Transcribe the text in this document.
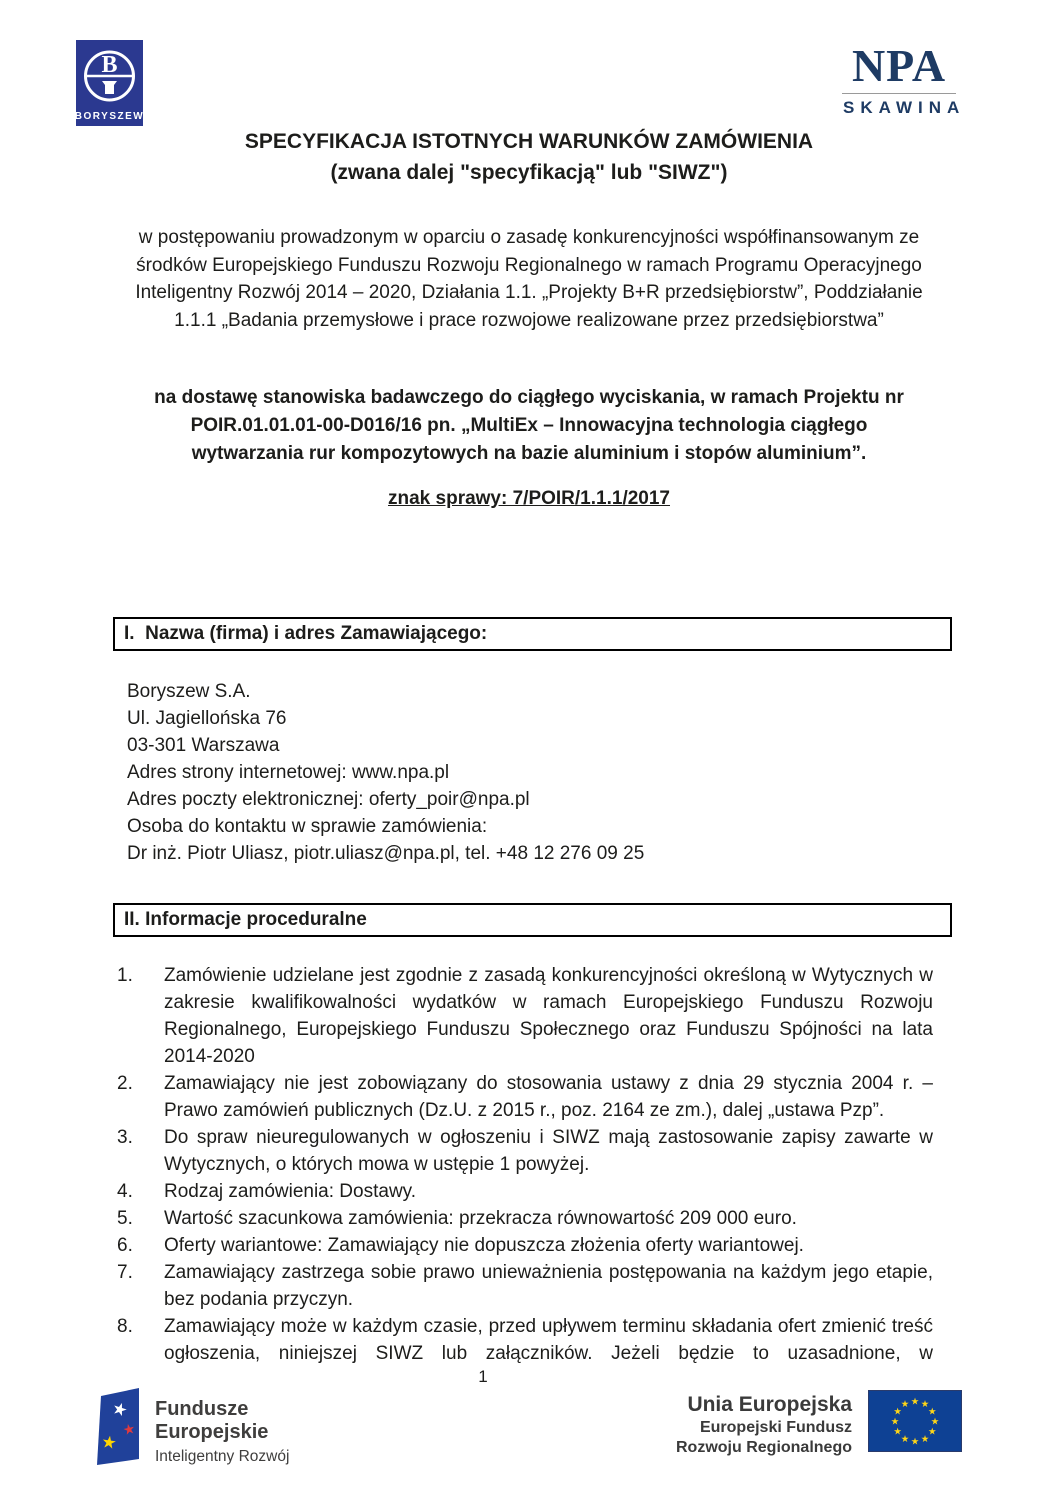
B
BORYSZEW
NPA
SKAWINA
SPECYFIKACJA ISTOTNYCH WARUNKÓW ZAMÓWIENIA
(zwana dalej "specyfikacją" lub "SIWZ")
w postępowaniu prowadzonym w oparciu o zasadę konkurencyjności współfinansowanym ze środków Europejskiego Funduszu Rozwoju Regionalnego w ramach Programu Operacyjnego Inteligentny Rozwój 2014 – 2020, Działania 1.1. „Projekty B+R przedsiębiorstw”, Poddziałanie 1.1.1 „Badania przemysłowe i prace rozwojowe realizowane przez przedsiębiorstwa”
na dostawę stanowiska badawczego do ciągłego wyciskania, w ramach Projektu nr POIR.01.01.01-00-D016/16 pn. „MultiEx – Innowacyjna technologia ciągłego wytwarzania rur kompozytowych na bazie aluminium i stopów aluminium”.
znak sprawy: 7/POIR/1.1.1/2017
I.  Nazwa (firma) i adres Zamawiającego:
Boryszew S.A.
Ul. Jagiellońska 76
03-301 Warszawa
Adres strony internetowej: www.npa.pl
Adres poczty elektronicznej: oferty_poir@npa.pl
Osoba do kontaktu w sprawie zamówienia:
Dr inż. Piotr Uliasz, piotr.uliasz@npa.pl, tel. +48 12 276 09 25
II. Informacje proceduralne
1.	Zamówienie udzielane jest zgodnie z zasadą konkurencyjności określoną w Wytycznych w zakresie kwalifikowalności wydatków w ramach Europejskiego Funduszu Rozwoju Regionalnego, Europejskiego Funduszu Społecznego oraz Funduszu Spójności na lata 2014-2020
2.	Zamawiający nie jest zobowiązany do stosowania ustawy z dnia 29 stycznia 2004 r. – Prawo zamówień publicznych (Dz.U. z 2015 r., poz. 2164 ze zm.), dalej „ustawa Pzp”.
3.	Do spraw nieuregulowanych w ogłoszeniu i SIWZ mają zastosowanie zapisy zawarte w Wytycznych, o których mowa w ustępie 1 powyżej.
4.	Rodzaj zamówienia: Dostawy.
5.	Wartość szacunkowa zamówienia: przekracza równowartość 209 000 euro.
6.	Oferty wariantowe: Zamawiający nie dopuszcza złożenia oferty wariantowej.
7.	Zamawiający zastrzega sobie prawo unieważnienia postępowania na każdym jego etapie, bez podania przyczyn.
8.	Zamawiający może w każdym czasie, przed upływem terminu składania ofert zmienić treść ogłoszenia, niniejszej SIWZ lub załączników. Jeżeli będzie to uzasadnione, w
1
★
★
★
Fundusze
Europejskie
Inteligentny Rozwój
Unia Europejska
Europejski Fundusz
Rozwoju Regionalnego
★ ★
★
★
★
★
★
★
★
★
★
★
